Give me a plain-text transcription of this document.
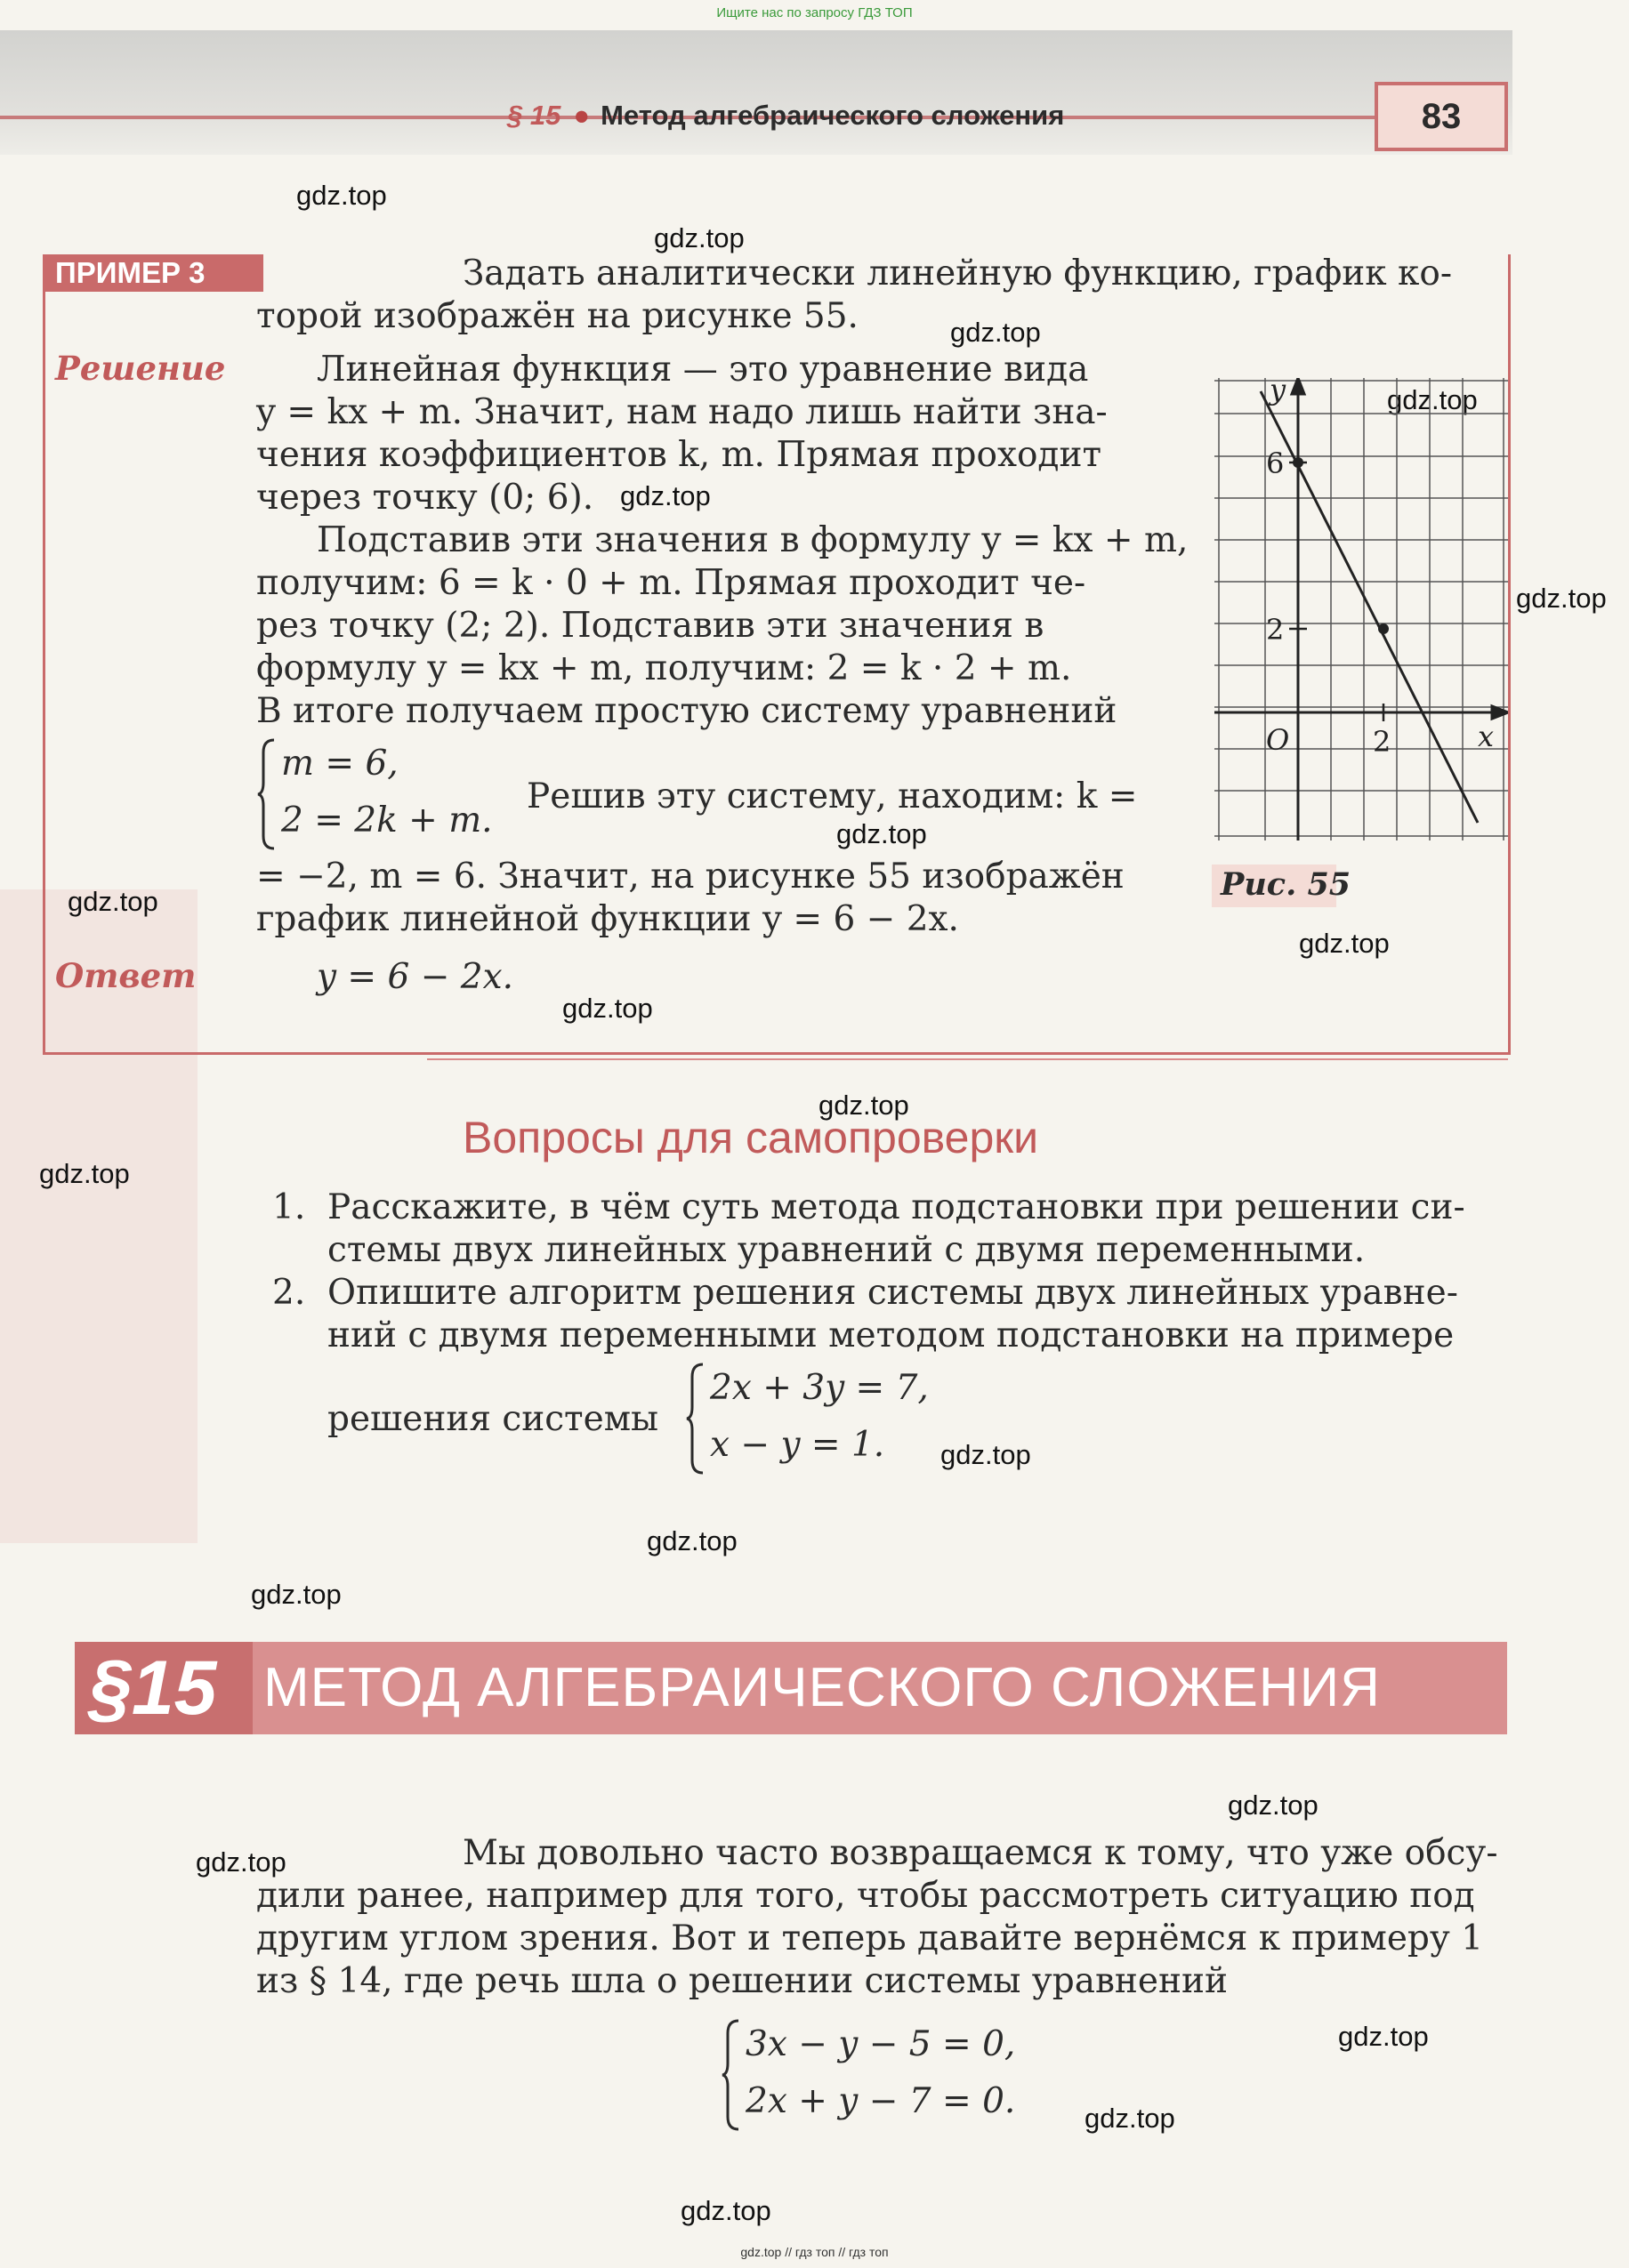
Ищите нас по запросу ГДЗ ТОП
§ 15 ● Метод алгебраического сложения	83
gdz.top
gdz.top
gdz.top
gdz.top
gdz.top
gdz.top
gdz.top
gdz.top
gdz.top
gdz.top
gdz.top
gdz.top
gdz.top
gdz.top
gdz.top
gdz.top
gdz.top
gdz.top
gdz.top
gdz.top
ПРИМЕР 3
Решение
Ответ
Задать аналитически линейную функцию, график ко-
торой изображён на рисунке 55.
Линейная функция — это уравнение вида
y = kx + m. Значит, нам надо лишь найти зна-
чения коэффициентов k, m. Прямая проходит
через точку (0; 6).
Подставив эти значения в формулу y = kx + m,
получим: 6 = k · 0 + m. Прямая проходит че-
рез точку (2; 2). Подставив эти значения в
формулу y = kx + m, получим: 2 = k · 2 + m.
В итоге получаем простую систему уравнений
m = 6,
2 = 2k + m.
Решив эту систему, находим: k =
= −2, m = 6. Значит, на рисунке 55 изображён
график линейной функции y = 6 − 2x.
y = 6 − 2x.
y
6
2
O	2	x
Рис. 55
Вопросы для самопроверки
1. Расскажите, в чём суть метода подстановки при решении си-
стемы двух линейных уравнений с двумя переменными.
2. Опишите алгоритм решения системы двух линейных уравне-
ний с двумя переменными методом подстановки на примере
решения системы
2x + 3y = 7,
x − y = 1.
§15 МЕТОД АЛГЕБРАИЧЕСКОГО СЛОЖЕНИЯ
Мы довольно часто возвращаемся к тому, что уже обсу-
дили ранее, например для того, чтобы рассмотреть ситуацию под
другим углом зрения. Вот и теперь давайте вернёмся к примеру 1
из § 14, где речь шла о решении системы уравнений
3x − y − 5 = 0,
2x + y − 7 = 0.
gdz.top // гдз топ // гдз топ
